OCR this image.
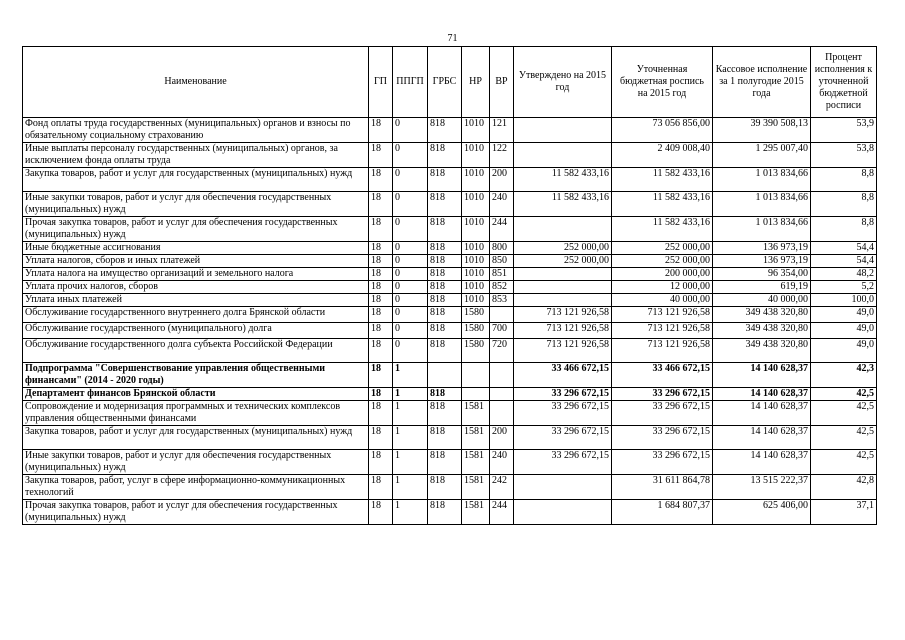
71
Наименование	ГП	ППГП	ГРБС	НР	ВР	Утверждено на 2015 год	Уточненная бюджетная роспись на 2015 год	Кассовое исполнение за 1 полугодие 2015 года	Процент исполнения к уточненной бюджетной росписи
Фонд оплаты труда государственных (муниципальных) органов и взносы по обязательному социальному страхованию	18	0	818	1010	121		73 056 856,00	39 390 508,13	53,9
Иные выплаты персоналу государственных (муниципальных) органов, за исключением фонда оплаты труда	18	0	818	1010	122		2 409 008,40	1 295 007,40	53,8
Закупка товаров, работ и услуг для государственных (муниципальных) нужд	18	0	818	1010	200	11 582 433,16	11 582 433,16	1 013 834,66	8,8
Иные закупки товаров, работ и услуг для обеспечения государственных (муниципальных) нужд	18	0	818	1010	240	11 582 433,16	11 582 433,16	1 013 834,66	8,8
Прочая закупка товаров, работ и услуг для обеспечения государственных (муниципальных) нужд	18	0	818	1010	244		11 582 433,16	1 013 834,66	8,8
Иные бюджетные ассигнования	18	0	818	1010	800	252 000,00	252 000,00	136 973,19	54,4
Уплата налогов, сборов и иных платежей	18	0	818	1010	850	252 000,00	252 000,00	136 973,19	54,4
Уплата налога на имущество организаций и земельного налога	18	0	818	1010	851		200 000,00	96 354,00	48,2
Уплата прочих налогов, сборов	18	0	818	1010	852		12 000,00	619,19	5,2
Уплата иных платежей	18	0	818	1010	853		40 000,00	40 000,00	100,0
Обслуживание государственного внутреннего долга Брянской области	18	0	818	1580		713 121 926,58	713 121 926,58	349 438 320,80	49,0
Обслуживание государственного (муниципального) долга	18	0	818	1580	700	713 121 926,58	713 121 926,58	349 438 320,80	49,0
Обслуживание государственного долга субъекта Российской Федерации	18	0	818	1580	720	713 121 926,58	713 121 926,58	349 438 320,80	49,0
Подпрограмма "Совершенствование управления общественными финансами" (2014 - 2020 годы)	18	1				33 466 672,15	33 466 672,15	14 140 628,37	42,3
Департамент финансов Брянской области	18	1	818			33 296 672,15	33 296 672,15	14 140 628,37	42,5
Сопровождение и модернизация программных и технических комплексов управления общественными финансами	18	1	818	1581		33 296 672,15	33 296 672,15	14 140 628,37	42,5
Закупка товаров, работ и услуг для государственных (муниципальных) нужд	18	1	818	1581	200	33 296 672,15	33 296 672,15	14 140 628,37	42,5
Иные закупки товаров, работ и услуг для обеспечения государственных (муниципальных) нужд	18	1	818	1581	240	33 296 672,15	33 296 672,15	14 140 628,37	42,5
Закупка товаров, работ, услуг в сфере информационно-коммуникационных технологий	18	1	818	1581	242		31 611 864,78	13 515 222,37	42,8
Прочая закупка товаров, работ и услуг для обеспечения государственных (муниципальных) нужд	18	1	818	1581	244		1 684 807,37	625 406,00	37,1
